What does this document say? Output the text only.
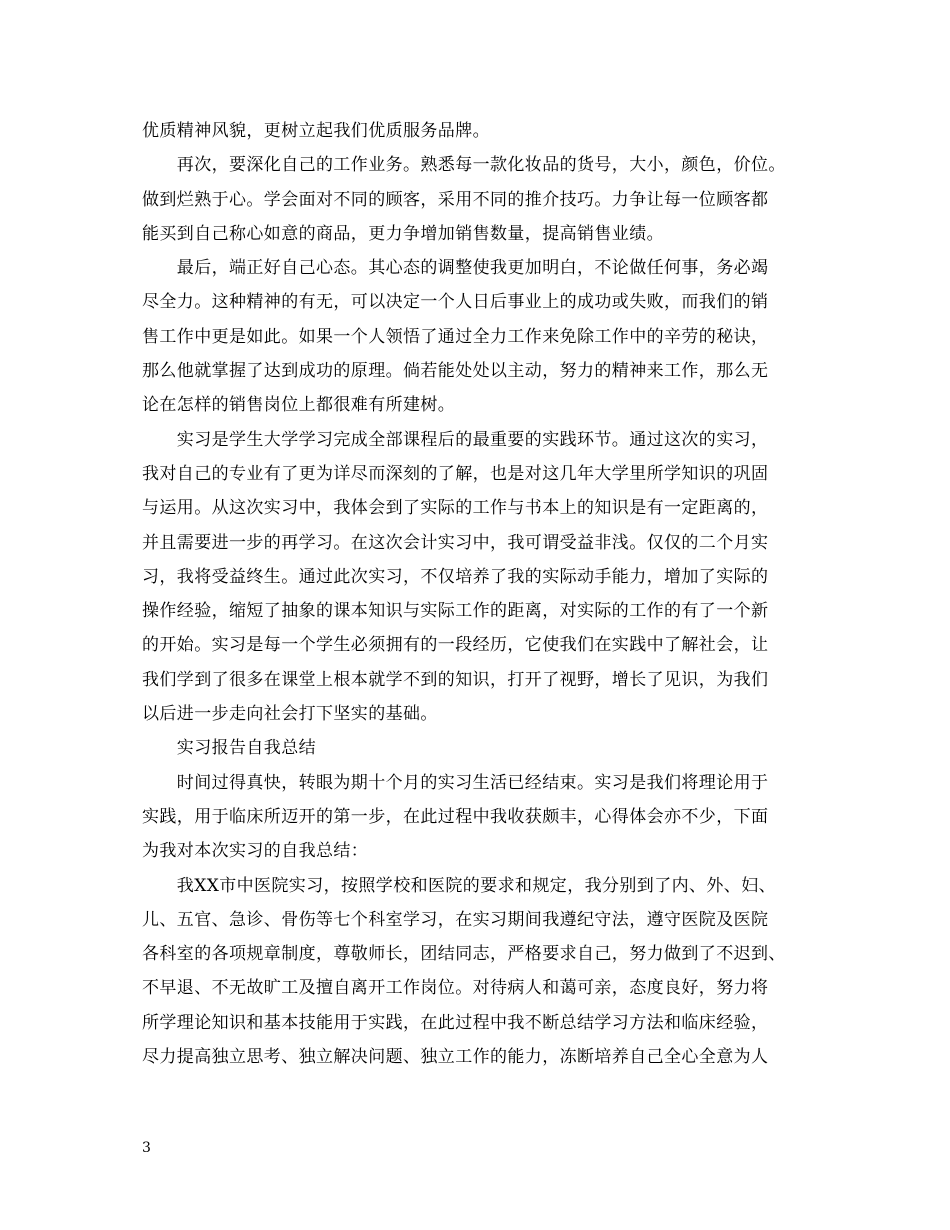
优质精神风貌，更树立起我们优质服务品牌。
　　再次，要深化自己的工作业务。熟悉每一款化妆品的货号，大小，颜色，价位。
做到烂熟于心。学会面对不同的顾客，采用不同的推介技巧。力争让每一位顾客都
能买到自己称心如意的商品，更力争增加销售数量，提高销售业绩。
　　最后，端正好自己心态。其心态的调整使我更加明白，不论做任何事，务必竭
尽全力。这种精神的有无，可以决定一个人日后事业上的成功或失败，而我们的销
售工作中更是如此。如果一个人领悟了通过全力工作来免除工作中的辛劳的秘诀，
那么他就掌握了达到成功的原理。倘若能处处以主动，努力的精神来工作，那么无
论在怎样的销售岗位上都很难有所建树。
　　实习是学生大学学习完成全部课程后的最重要的实践环节。通过这次的实习，
我对自己的专业有了更为详尽而深刻的了解，也是对这几年大学里所学知识的巩固
与运用。从这次实习中，我体会到了实际的工作与书本上的知识是有一定距离的，
并且需要进一步的再学习。在这次会计实习中，我可谓受益非浅。仅仅的二个月实
习，我将受益终生。通过此次实习，不仅培养了我的实际动手能力，增加了实际的
操作经验，缩短了抽象的课本知识与实际工作的距离，对实际的工作的有了一个新
的开始。实习是每一个学生必须拥有的一段经历，它使我们在实践中了解社会，让
我们学到了很多在课堂上根本就学不到的知识，打开了视野，增长了见识，为我们
以后进一步走向社会打下坚实的基础。
　　实习报告自我总结
　　时间过得真快，转眼为期十个月的实习生活已经结束。实习是我们将理论用于
实践，用于临床所迈开的第一步，在此过程中我收获颇丰，心得体会亦不少，下面
为我对本次实习的自我总结：
　　我XX市中医院实习，按照学校和医院的要求和规定，我分别到了内、外、妇、
儿、五官、急诊、骨伤等七个科室学习，在实习期间我遵纪守法，遵守医院及医院
各科室的各项规章制度，尊敬师长，团结同志，严格要求自己，努力做到了不迟到、
不早退、不无故旷工及擅自离开工作岗位。对待病人和蔼可亲，态度良好，努力将
所学理论知识和基本技能用于实践，在此过程中我不断总结学习方法和临床经验，
尽力提高独立思考、独立解决问题、独立工作的能力，冻断培养自己全心全意为人
3
